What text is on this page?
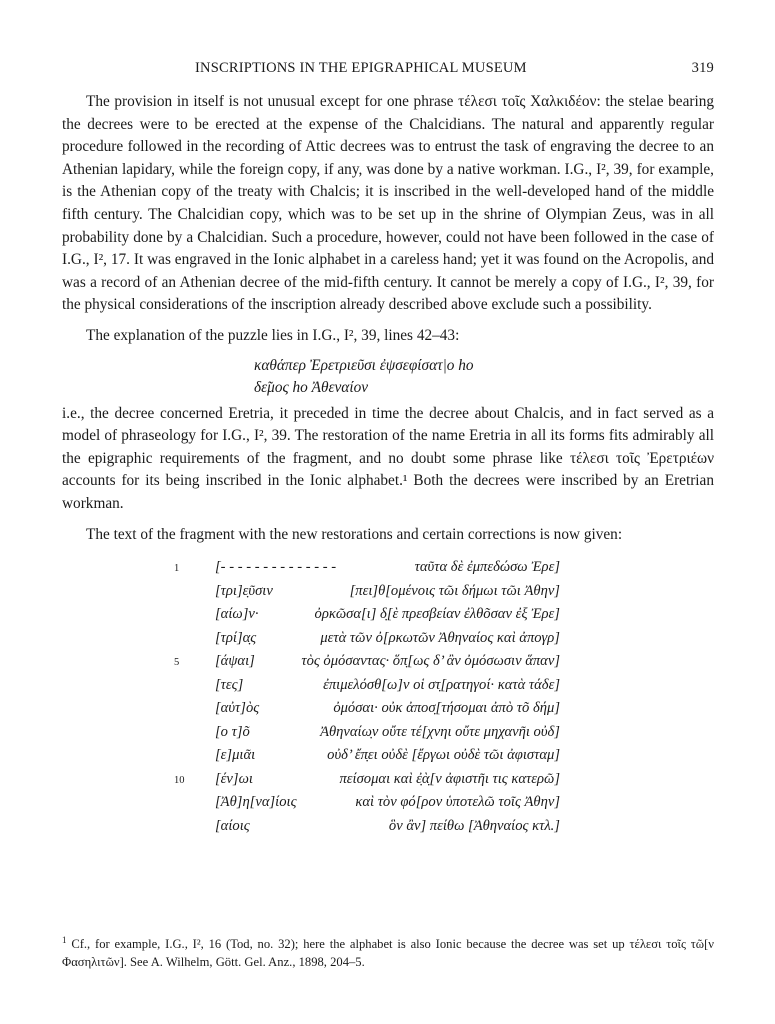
INSCRIPTIONS IN THE EPIGRAPHICAL MUSEUM	319

The provision in itself is not unusual except for one phrase τέλεσι τοῖς Χαλκιδέον: the stelae bearing the decrees were to be erected at the expense of the Chalcidians. The natural and apparently regular procedure followed in the recording of Attic decrees was to entrust the task of engraving the decree to an Athenian lapidary, while the foreign copy, if any, was done by a native workman. I.G., I², 39, for example, is the Athenian copy of the treaty with Chalcis; it is inscribed in the well-developed hand of the middle fifth century. The Chalcidian copy, which was to be set up in the shrine of Olympian Zeus, was in all probability done by a Chalcidian. Such a procedure, however, could not have been followed in the case of I.G., I², 17. It was engraved in the Ionic alphabet in a careless hand; yet it was found on the Acropolis, and was a record of an Athenian decree of the mid-fifth century. It cannot be merely a copy of I.G., I², 39, for the physical considerations of the inscription already described above exclude such a possibility.

The explanation of the puzzle lies in I.G., I², 39, lines 42–43:

καθάπερ Ἐρετριεῦσι ἐψσεφίσατ|ο hο
δε̃μος hο Ἀθεναίον

i.e., the decree concerned Eretria, it preceded in time the decree about Chalcis, and in fact served as a model of phraseology for I.G., I², 39. The restoration of the name Eretria in all its forms fits admirably all the epigraphic requirements of the fragment, and no doubt some phrase like τέλεσι τοῖς Ἐρετριέων accounts for its being inscribed in the Ionic alphabet.¹ Both the decrees were inscribed by an Eretrian workman.

The text of the fragment with the new restorations and certain corrections is now given:

1 [- - - - - - - - - - - - - -	ταῦτα δὲ ἐμπεδώσω Ἐρε]
[τρι]ε̣ῦσιν	[πει]θ[ομένοις τῶι δήμωι τῶι Ἀθην]
[αίω]ν·	ὀρκῶσα[ι] δ̣[ὲ πρεσβείαν ἐλθõσαν ἐξ Ἐρε]
[τρί]α̣ς	μετὰ τῶν ὀ[ρκωτῶν Ἀθηναίος καὶ ἀπογρ]
5 [άψαι]	τὸς ὀμόσαντας· ὅπ̣[ως δ’ ἂν ὀμόσωσιν ἅπαν]
[τες]	ἐπιμελόσθ[ω]ν οἱ στ̣[ρατηγοί· κατὰ τάδε]
[αὐτ]ὸς	ὀμόσαι· οὐκ ἀποσ̣[τήσομαι ἀπὸ τõ δήμ]
[ο τ]õ	Ἀθηναίω̣ν οὔτε τέ[χνηι οὔτε μηχανῆι οὐδ]
[ε]μιᾶι	οὐδ’ ἔπ̣ει οὐδὲ [ἔργωι οὐδὲ τῶι ἀφισταμ]
10 [έν]ωι	πείσομαι καὶ ἐ̣ὰ̣[ν ἀφιστῆι τις κατερῶ]
[Ἀθ]η[να]ίοις	καὶ τὸν φό[ρον ὑποτελῶ τοῖς Ἀθην]
[αίοις	ὃν ἂν] πείθω [Ἀθηναίος κτλ.]
$^1$ Cf., for example, I.G., I², 16 (Tod, no. 32); here the alphabet is also Ionic because the decree was set up τέλεσι τοῖς τῶ[ν Φασηλιτῶν]. See A. Wilhelm, Gött. Gel. Anz., 1898, 204–5.
